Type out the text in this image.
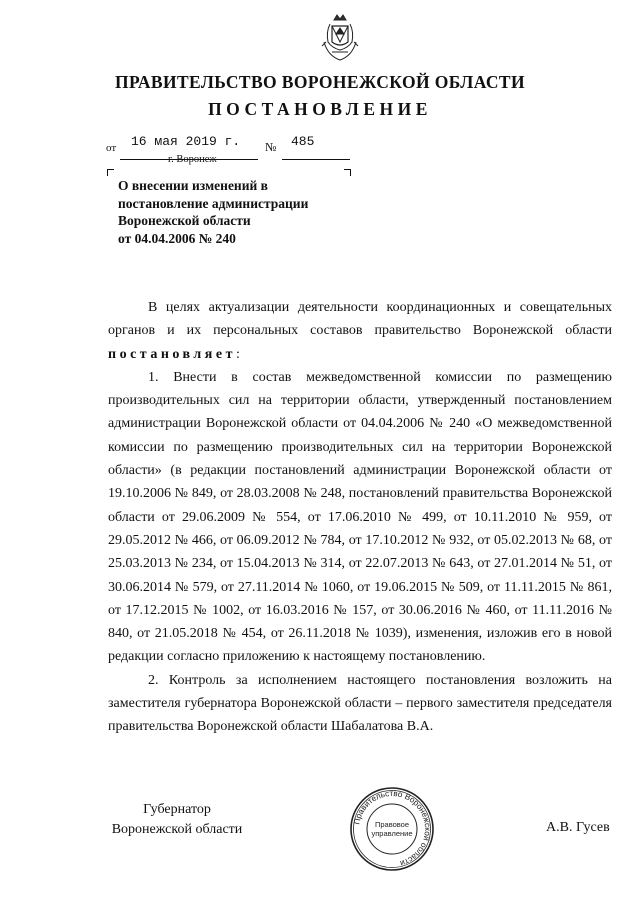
ПРАВИТЕЛЬСТВО ВОРОНЕЖСКОЙ ОБЛАСТИ
ПОСТАНОВЛЕНИЕ
от 16 мая 2019 г. № 485
г. Воронеж
О внесении изменений в
постановление администрации
Воронежской области
от 04.04.2006 № 240

В целях актуализации деятельности координационных и совещательных органов и их персональных составов правительство Воронежской области постановляет:

1. Внести в состав межведомственной комиссии по размещению производительных сил на территории области, утвержденный постановлением администрации Воронежской области от 04.04.2006 № 240 «О межведомственной комиссии по размещению производительных сил на территории Воронежской области» (в редакции постановлений администрации Воронежской области от 19.10.2006 № 849, от 28.03.2008 № 248, постановлений правительства Воронежской области от 29.06.2009 № 554, от 17.06.2010 № 499, от 10.11.2010 № 959, от 29.05.2012 № 466, от 06.09.2012 № 784, от 17.10.2012 № 932, от 05.02.2013 № 68, от 25.03.2013 № 234, от 15.04.2013 № 314, от 22.07.2013 № 643, от 27.01.2014 № 51, от 30.06.2014 № 579, от 27.11.2014 № 1060, от 19.06.2015 № 509, от 11.11.2015 № 861, от 17.12.2015 № 1002, от 16.03.2016 № 157, от 30.06.2016 № 460, от 11.11.2016 № 840, от 21.05.2018 № 454, от 26.11.2018 № 1039), изменения, изложив его в новой редакции согласно приложению к настоящему постановлению.

2. Контроль за исполнением настоящего постановления возложить на заместителя губернатора Воронежской области – первого заместителя председателя правительства Воронежской области Шабалатова В.А.

Губернатор
Воронежской области
Правительство Воронежской области
Правовое
управление	А.В. Гусев
